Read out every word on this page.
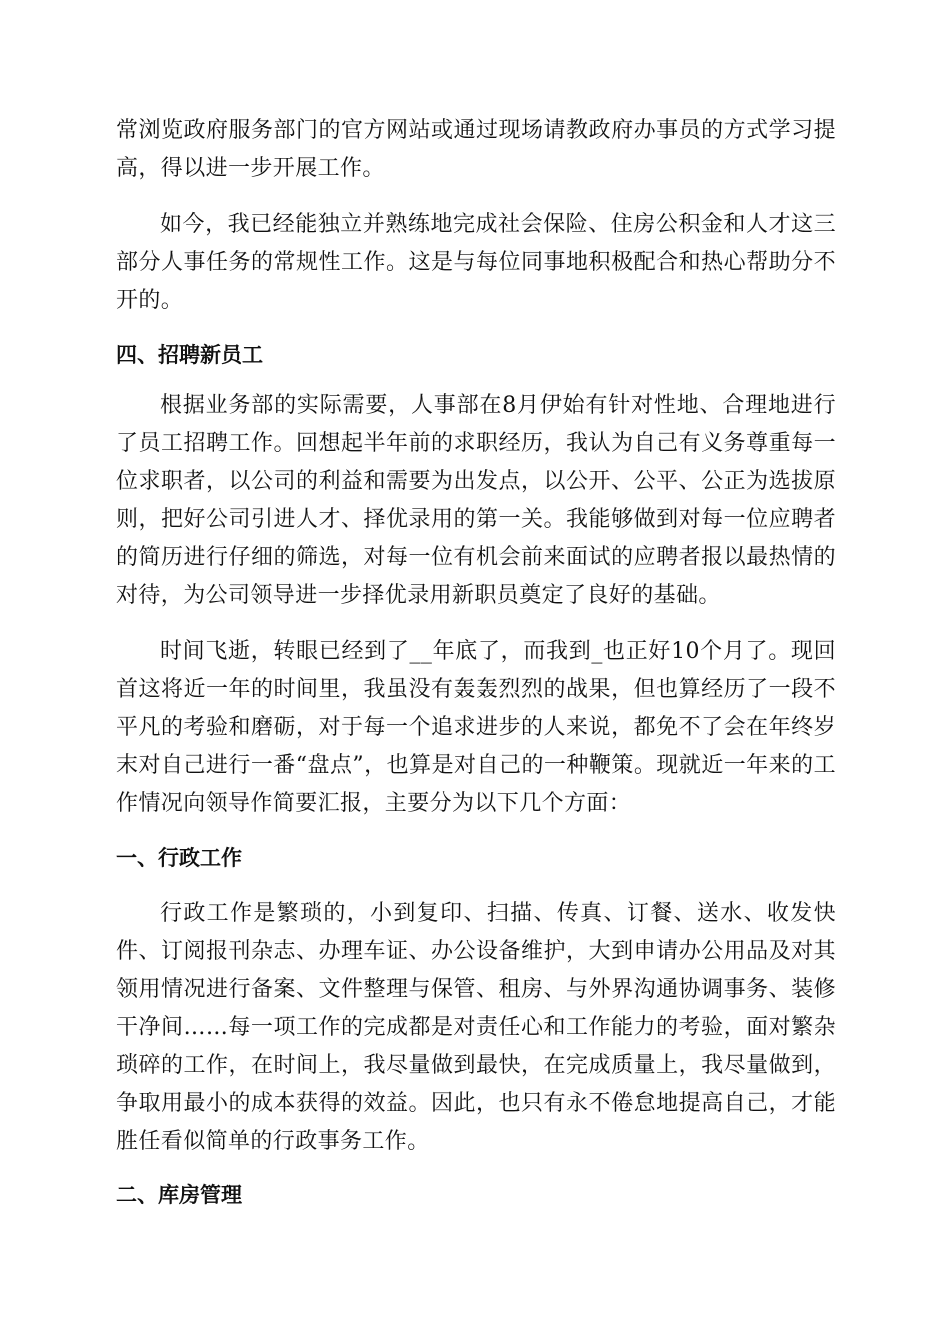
常浏览政府服务部门的官方网站或通过现场请教政府办事员的方式学习提高，得以进一步开展工作。
如今，我已经能独立并熟练地完成社会保险、住房公积金和人才这三部分人事任务的常规性工作。这是与每位同事地积极配合和热心帮助分不开的。
四、招聘新员工
根据业务部的实际需要，人事部在8月伊始有针对性地、合理地进行了员工招聘工作。回想起半年前的求职经历，我认为自己有义务尊重每一位求职者，以公司的利益和需要为出发点，以公开、公平、公正为选拔原则，把好公司引进人才、择优录用的第一关。我能够做到对每一位应聘者的简历进行仔细的筛选，对每一位有机会前来面试的应聘者报以最热情的对待，为公司领导进一步择优录用新职员奠定了良好的基础。
时间飞逝，转眼已经到了__年底了，而我到_也正好10个月了。现回首这将近一年的时间里，我虽没有轰轰烈烈的战果，但也算经历了一段不平凡的考验和磨砺，对于每一个追求进步的人来说，都免不了会在年终岁末对自己进行一番“盘点”，也算是对自己的一种鞭策。现就近一年来的工作情况向领导作简要汇报，主要分为以下几个方面：
一、行政工作
行政工作是繁琐的，小到复印、扫描、传真、订餐、送水、收发快件、订阅报刊杂志、办理车证、办公设备维护，大到申请办公用品及对其领用情况进行备案、文件整理与保管、租房、与外界沟通协调事务、装修干净间……每一项工作的完成都是对责任心和工作能力的考验，面对繁杂琐碎的工作，在时间上，我尽量做到最快，在完成质量上，我尽量做到，争取用最小的成本获得的效益。因此，也只有永不倦怠地提高自己，才能胜任看似简单的行政事务工作。
二、库房管理
